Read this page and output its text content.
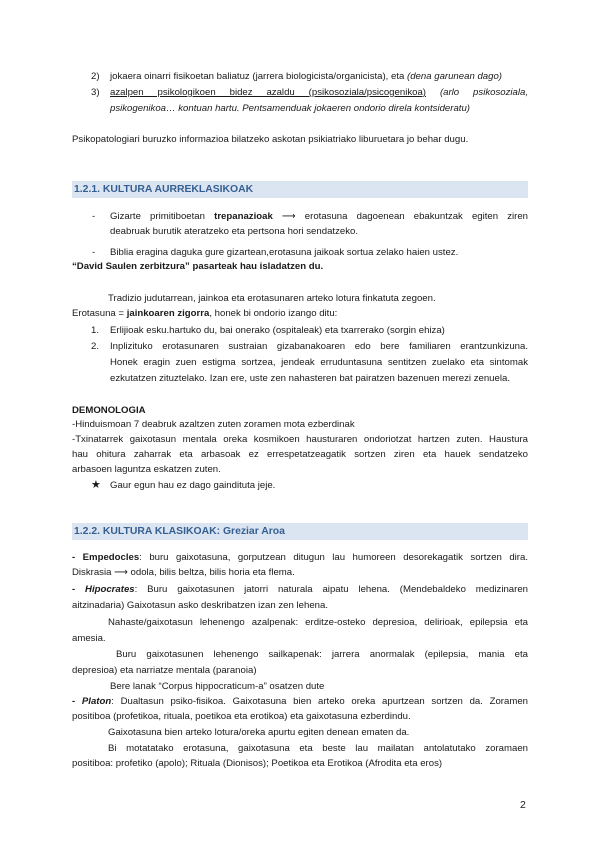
2) jokaera oinarri fisikoetan baliatuz (jarrera biologicista/organicista), eta (dena garunean dago)
3) azalpen psikologikoen bidez azaldu (psikosoziala/psicogenikoa) (arlo psikosoziala,
psikogenikoa… kontuan hartu. Pentsamenduak jokaeren ondorio direla kontsideratu)
Psikopatologiari buruzko informazioa bilatzeko askotan psikiatriako liburuetara jo behar dugu.
1.2.1. KULTURA AURREKLASIKOAK
- Gizarte primitiboetan trepanazioak ⟶ erotasuna dagoenean ebakuntzak egiten ziren
deabruak burutik ateratzeko eta pertsona hori sendatzeko.
- Biblia eragina daguka gure gizartean,erotasuna jaikoak sortua zelako haien ustez.
“David Saulen zerbitzura” pasarteak hau isladatzen du.
Tradizio judutarrean, jainkoa eta erotasunaren arteko lotura finkatuta zegoen.
Erotasuna = jainkoaren zigorra, honek bi ondorio izango ditu:
1. Erlijioak esku.hartuko du, bai onerako (ospitaleak) eta txarrerako (sorgin ehiza)
2. Inplizituko erotasunaren sustraian gizabanakoaren edo bere familiaren erantzunkizuna.
Honek eragin zuen estigma sortzea, jendeak erruduntasuna sentitzen zuelako eta sintomak
ezkutatzen zituztelako. Izan ere, uste zen nahasteren bat pairatzen bazenuen merezi zenuela.
DEMONOLOGIA
-Hinduismoan 7 deabruk azaltzen zuten zoramen mota ezberdinak
-Txinatarrek gaixotasun mentala oreka kosmikoen hausturaren ondoriotzat hartzen zuten. Haustura
hau ohitura zaharrak eta arbasoak ez errespetatzeagatik sortzen ziren eta hauek sendatzeko
arbasoen laguntza eskatzen zuten.
★ Gaur egun hau ez dago gaindituta jeje.
1.2.2. KULTURA KLASIKOAK: Greziar Aroa
- Empedocles: buru gaixotasuna, gorputzean ditugun lau humoreen desorekagatik sortzen dira.
Diskrasia ⟶ odola, bilis beltza, bilis horia eta flema.
- Hipocrates: Buru gaixotasunen jatorri naturala aipatu lehena. (Mendebaldeko medizinaren
aitzinadaria) Gaixotasun asko deskribatzen izan zen lehena.
Nahaste/gaixotasun lehenengo azalpenak: erditze-osteko depresioa, delirioak, epilepsia eta
amesia.
Buru gaixotasunen lehenengo sailkapenak: jarrera anormalak (epilepsia, mania eta
depresioa) eta narriatze mentala (paranoia)
Bere lanak “Corpus hippocraticum-a” osatzen dute
- Platon: Dualtasun psiko-fisikoa. Gaixotasuna bien arteko oreka apurtzean sortzen da. Zoramen
positiboa (profetikoa, rituala, poetikoa eta erotikoa) eta gaixotasuna ezberdindu.
Gaixotasuna bien arteko lotura/oreka apurtu egiten denean ematen da.
Bi motatatako erotasuna, gaixotasuna eta beste lau mailatan antolatutako zoramaen
positiboa: profetiko (apolo); Rituala (Dionisos); Poetikoa eta Erotikoa (Afrodita eta eros)
2
